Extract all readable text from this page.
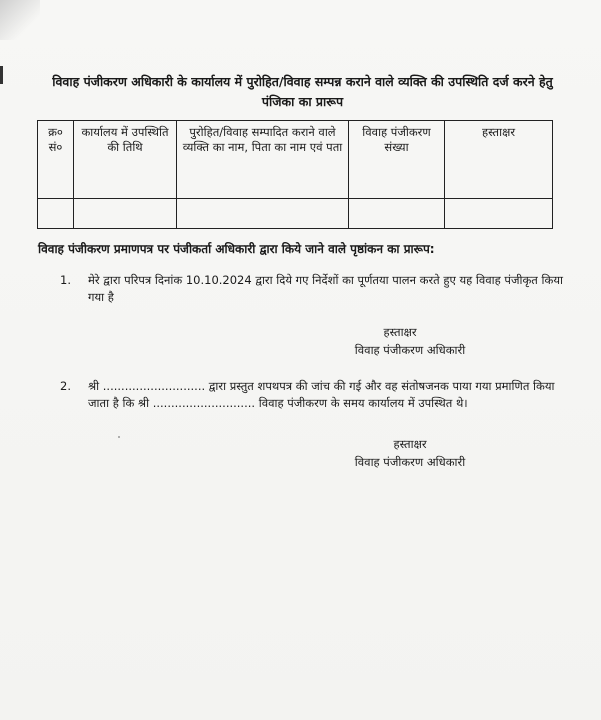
विवाह पंजीकरण अधिकारी के कार्यालय में पुरोहित/विवाह सम्पन्न कराने वाले व्यक्ति की उपस्थिति दर्ज करने हेतु पंजिका का प्रारूप
क्र० सं०	कार्यालय में उपस्थिति की तिथि	पुरोहित/विवाह सम्पादित कराने वाले व्यक्ति का नाम, पिता का नाम एवं पता	विवाह पंजीकरण संख्या	हस्ताक्षर

विवाह पंजीकरण प्रमाणपत्र पर पंजीकर्ता अधिकारी द्वारा किये जाने वाले पृष्ठांकन का प्रारूप:
1.	मेरे द्वारा परिपत्र दिनांक 10.10.2024 द्वारा दिये गए निर्देशों का पूर्णतया पालन करते हुए यह विवाह पंजीकृत किया गया है
हस्ताक्षर
विवाह पंजीकरण अधिकारी
2.	श्री ............................ द्वारा प्रस्तुत शपथपत्र की जांच की गई और वह संतोषजनक पाया गया प्रमाणित किया जाता है कि श्री ............................ विवाह पंजीकरण के समय कार्यालय में उपस्थित थे।
हस्ताक्षर
विवाह पंजीकरण अधिकारी
